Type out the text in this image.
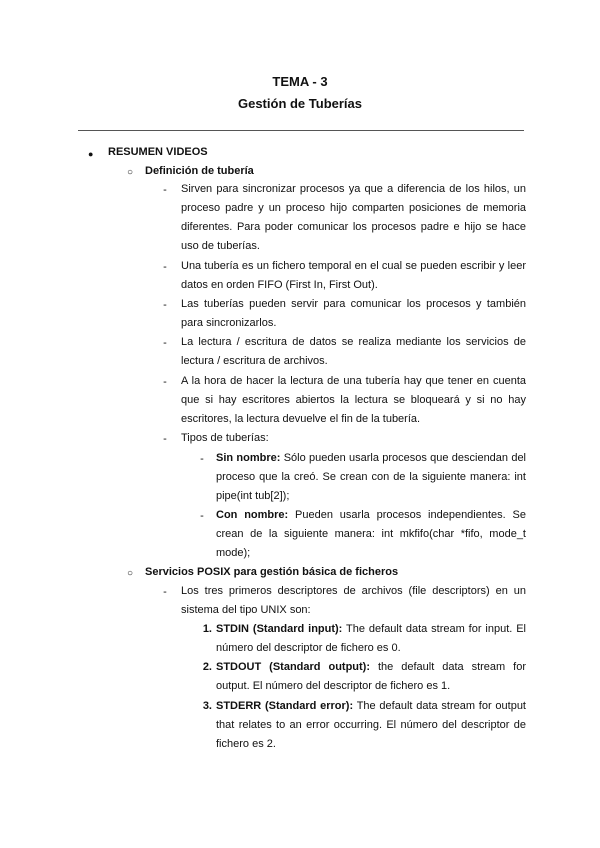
TEMA - 3
Gestión de Tuberías
● RESUMEN VIDEOS
○ Definición de tubería
- Sirven para sincronizar procesos ya que a diferencia de los hilos, un proceso padre y un proceso hijo comparten posiciones de memoria diferentes. Para poder comunicar los procesos padre e hijo se hace uso de tuberías.
- Una tubería es un fichero temporal en el cual se pueden escribir y leer datos en orden FIFO (First In, First Out).
- Las tuberías pueden servir para comunicar los procesos y también para sincronizarlos.
- La lectura / escritura de datos se realiza mediante los servicios de lectura / escritura de archivos.
- A la hora de hacer la lectura de una tubería hay que tener en cuenta que si hay escritores abiertos la lectura se bloqueará y si no hay escritores, la lectura devuelve el fin de la tubería.
- Tipos de tuberías:
- Sin nombre: Sólo pueden usarla procesos que desciendan del proceso que la creó. Se crean con de la siguiente manera: int pipe(int tub[2]);
- Con nombre: Pueden usarla procesos independientes. Se crean de la siguiente manera: int mkfifo(char *fifo, mode_t mode);
○ Servicios POSIX para gestión básica de ficheros
- Los tres primeros descriptores de archivos (file descriptors) en un sistema del tipo UNIX son:
1. STDIN (Standard input): The default data stream for input. El número del descriptor de fichero es 0.
2. STDOUT (Standard output): the default data stream for output. El número del descriptor de fichero es 1.
3. STDERR (Standard error): The default data stream for output that relates to an error occurring. El número del descriptor de fichero es 2.
